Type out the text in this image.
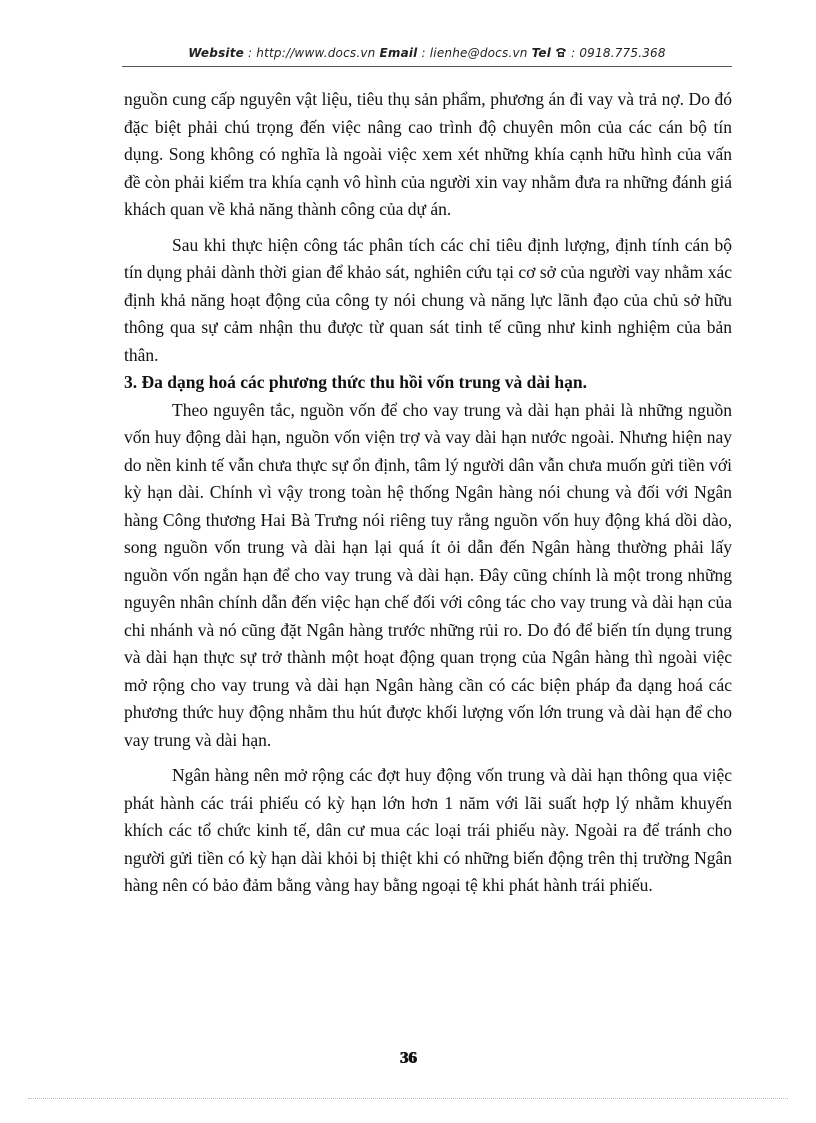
Website : http://www.docs.vn Email : lienhe@docs.vn Tel  : 0918.775.368

nguồn cung cấp nguyên vật liệu, tiêu thụ sản phẩm, phương án đi vay và trả nợ. Do đó đặc biệt phải chú trọng đến việc nâng cao trình độ chuyên môn của các cán bộ tín dụng. Song không có nghĩa là ngoài việc xem xét những khía cạnh hữu hình của vấn đề còn phải kiểm tra khía cạnh vô hình của người xin vay nhằm đưa ra những đánh giá khách quan về khả năng thành công của dự án.

Sau khi thực hiện công tác phân tích các chỉ tiêu định lượng, định tính cán bộ tín dụng phải dành thời gian để khảo sát, nghiên cứu tại cơ sở của người vay nhằm xác định khả năng hoạt động của công ty nói chung và năng lực lãnh đạo của chủ sở hữu thông qua sự cảm nhận thu được từ quan sát tinh tế cũng như kinh nghiệm của bản thân.

3. Đa dạng hoá các phương thức thu hồi vốn trung và dài hạn.

Theo nguyên tắc, nguồn vốn để cho vay trung và dài hạn phải là những nguồn vốn huy động dài hạn, nguồn vốn viện trợ và vay dài hạn nước ngoài. Nhưng hiện nay do nền kinh tế vẫn chưa thực sự ổn định, tâm lý người dân vẫn chưa muốn gửi tiền với kỳ hạn dài. Chính vì vậy trong toàn hệ thống Ngân hàng nói chung và đối với Ngân hàng Công thương Hai Bà Trưng nói riêng tuy rằng nguồn vốn huy động khá dồi dào, song nguồn vốn trung và dài hạn lại quá ít ỏi dẫn đến Ngân hàng thường phải lấy nguồn vốn ngắn hạn để cho vay trung và dài hạn. Đây cũng chính là một trong những nguyên nhân chính dẫn đến việc hạn chế đối với công tác cho vay trung và dài hạn của chi nhánh và nó cũng đặt Ngân hàng trước những rủi ro. Do đó để biến tín dụng trung và dài hạn thực sự trở thành một hoạt động quan trọng của Ngân hàng thì ngoài việc mở rộng cho vay trung và dài hạn Ngân hàng cần có các biện pháp đa dạng hoá các phương thức huy động nhằm thu hút được khối lượng vốn lớn trung và dài hạn để cho vay trung và dài hạn.

Ngân hàng nên mở rộng các đợt huy động vốn trung và dài hạn thông qua việc phát hành các trái phiếu có kỳ hạn lớn hơn 1 năm với lãi suất hợp lý nhằm khuyến khích các tổ chức kinh tế, dân cư mua các loại trái phiếu này. Ngoài ra để tránh cho người gửi tiền có kỳ hạn dài khỏi bị thiệt khi có những biến động trên thị trường Ngân hàng nên có bảo đảm bằng vàng hay bằng ngoại tệ khi phát hành trái phiếu.

36
